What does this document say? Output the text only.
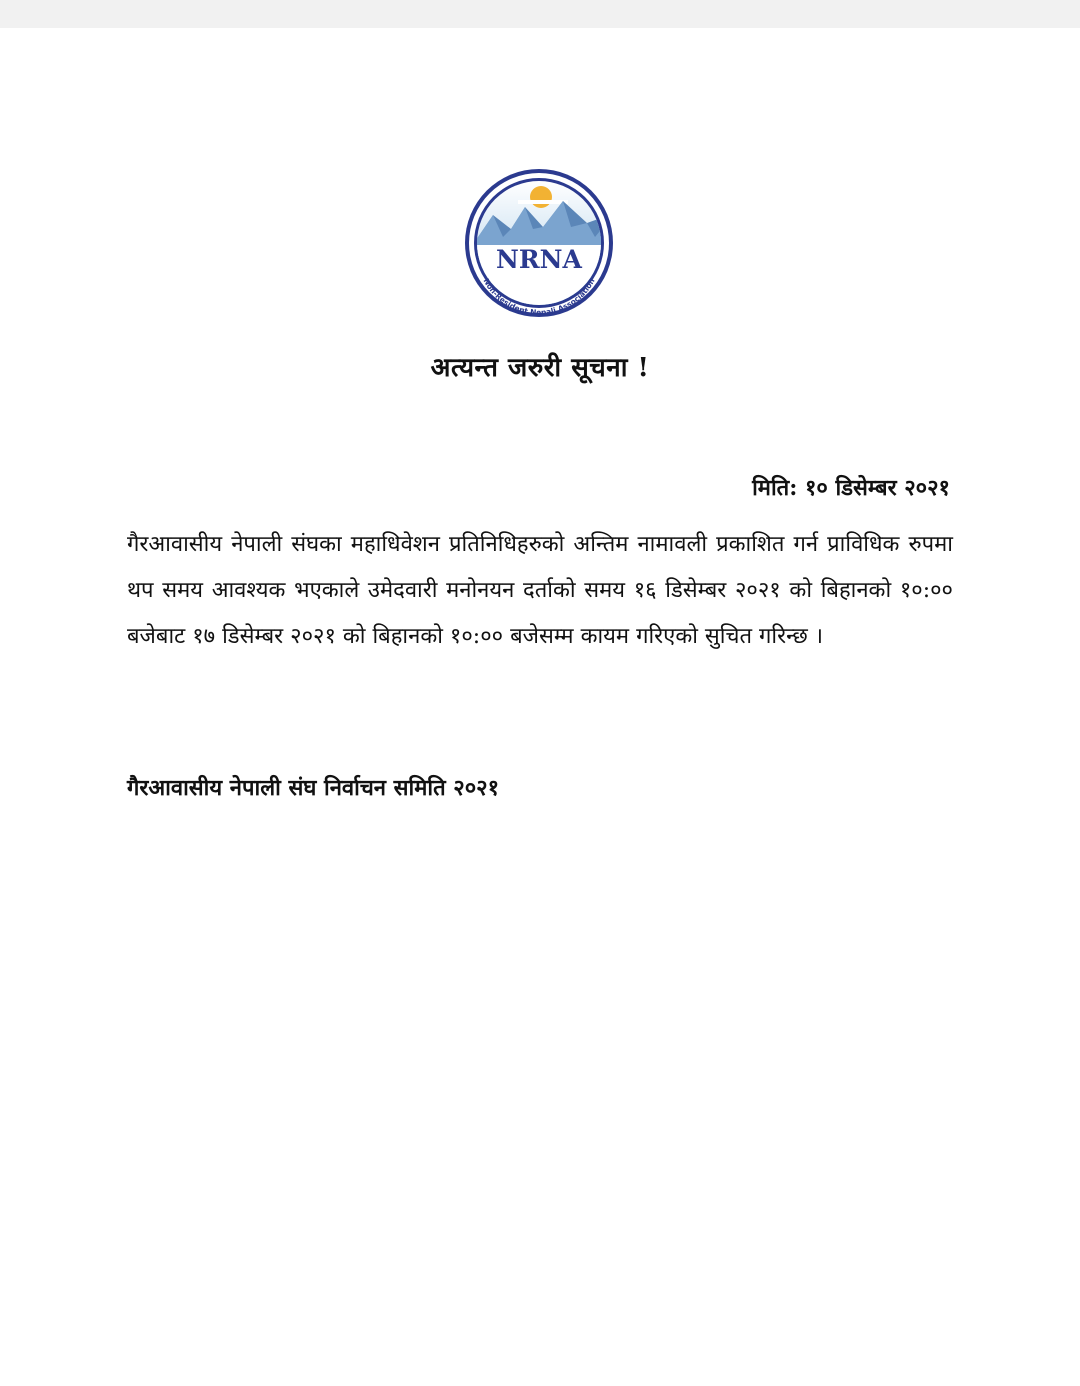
NRNA
Non-Resident Nepali Association
अत्यन्त जरुरी सूचना !
मिति: १० डिसेम्बर २०२१
गैरआवासीय नेपाली संघका महाधिवेशन प्रतिनिधिहरुको अन्तिम नामावली प्रकाशित गर्न प्राविधिक रुपमा थप समय आवश्यक भएकाले उमेदवारी मनोनयन दर्ताको समय १६ डिसेम्बर २०२१ को बिहानको १०:०० बजेबाट १७ डिसेम्बर २०२१ को बिहानको १०:०० बजेसम्म कायम गरिएको सुचित गरिन्छ ।
गैरआवासीय नेपाली संघ निर्वाचन समिति २०२१
